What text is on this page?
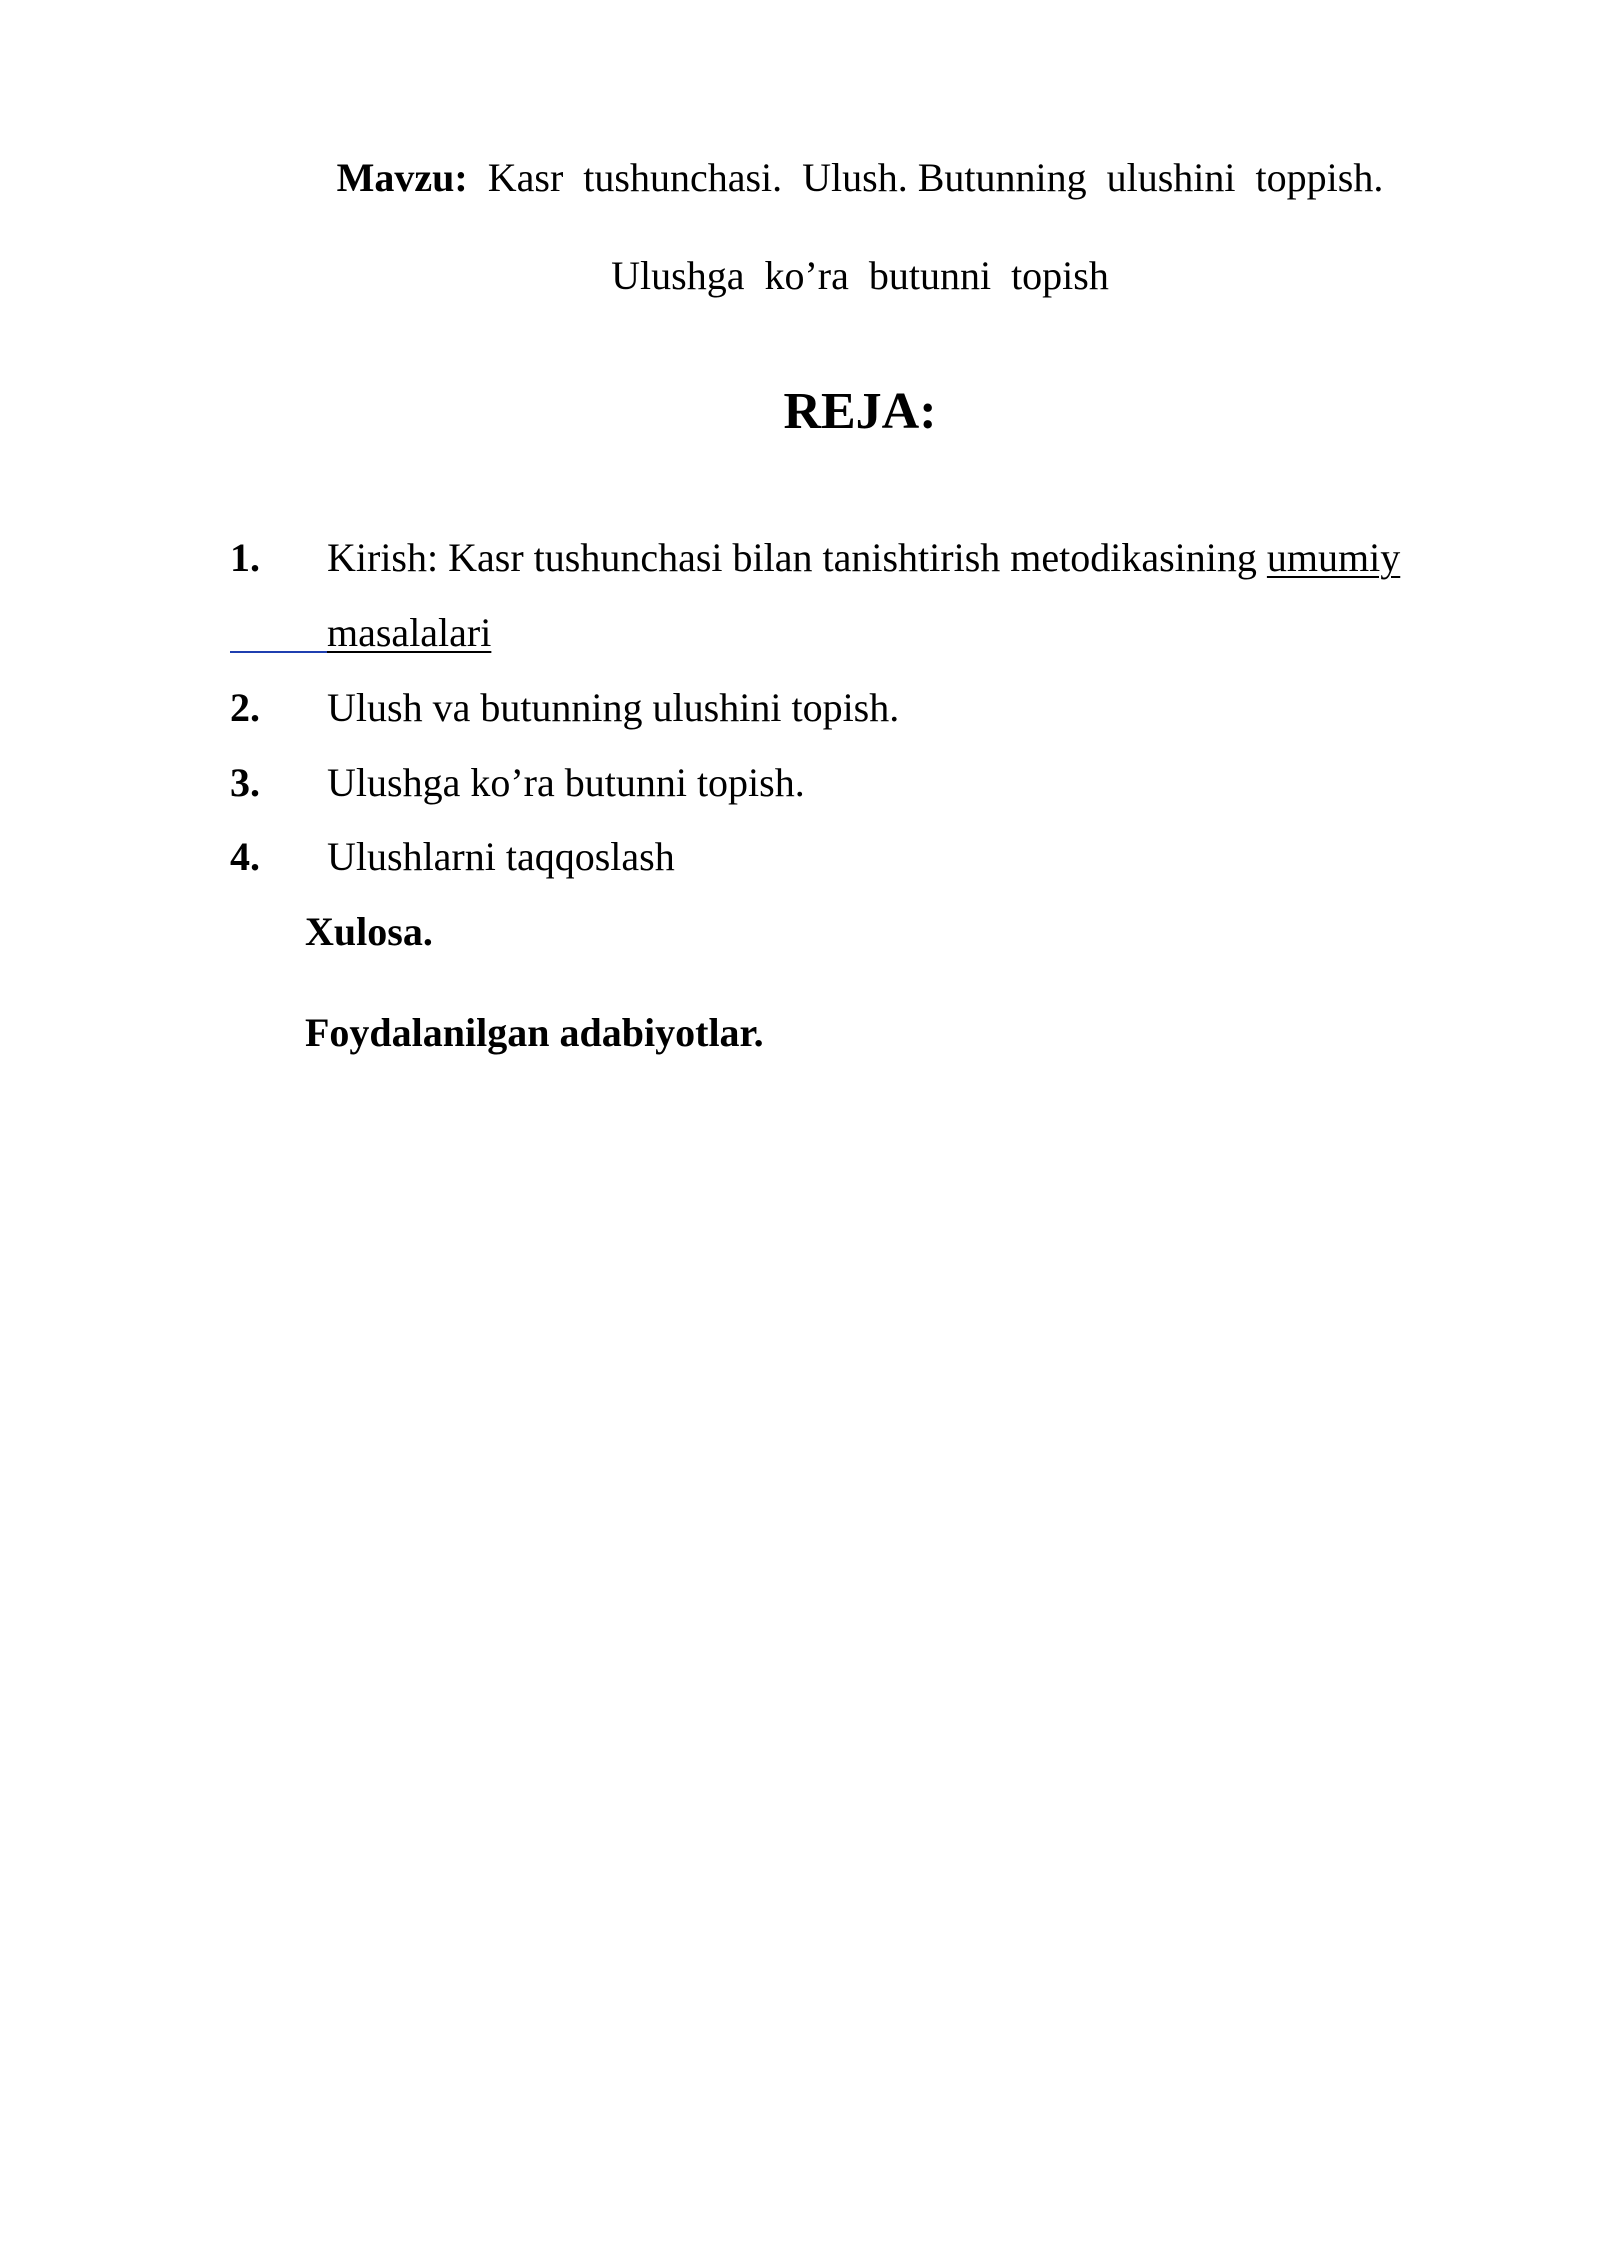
Mavzu:  Kasr  tushunchasi.  Ulush. Butunning  ulushini  toppish.
Ulushga  ko’ra  butunni  topish
REJA:
1. Kirish: Kasr tushunchasi bilan tanishtirish metodikasining umumiy
masalalari
2. Ulush va butunning ulushini topish.
3. Ulushga ko’ra butunni topish.
4. Ulushlarni taqqoslash
Xulosa.
Foydalanilgan adabiyotlar.
